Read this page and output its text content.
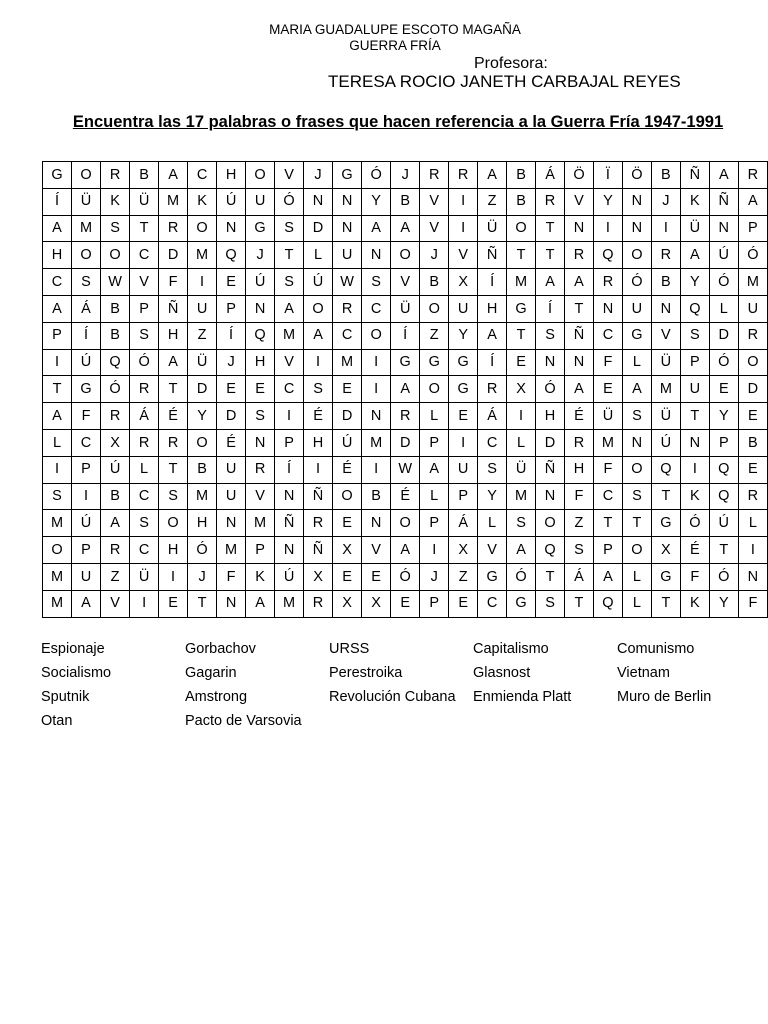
MARIA GUADALUPE ESCOTO MAGAÑA
GUERRA FRÍA
Profesora:
TERESA ROCIO JANETH CARBAJAL REYES
Encuentra las 17 palabras o frases que hacen referencia a la Guerra Fría 1947-1991
G	O	R	B	A	C	H	O	V	J	G	Ó	J	R	R	A	B	Á	Ö	Ï	Ö	B	Ñ	A	R
Í	Ü	K	Ü	M	K	Ú	U	Ó	N	N	Y	B	V	I	Z	B	R	V	Y	N	J	K	Ñ	A
A	M	S	T	R	O	N	G	S	D	N	A	A	V	I	Ü	O	T	N	I	N	I	Ü	N	P
H	O	O	C	D	M	Q	J	T	L	U	N	O	J	V	Ñ	T	T	R	Q	O	R	A	Ú	Ó
C	S	W	V	F	I	E	Ú	S	Ú	W	S	V	B	X	Í	M	A	A	R	Ó	B	Y	Ó	M
A	Á	B	P	Ñ	U	P	N	A	O	R	C	Ü	O	U	H	G	Í	T	N	U	N	Q	L	U
P	Í	B	S	H	Z	Í	Q	M	A	C	O	Í	Z	Y	A	T	S	Ñ	C	G	V	S	D	R
I	Ú	Q	Ó	A	Ü	J	H	V	I	M	I	G	G	G	Í	E	N	N	F	L	Ü	P	Ó	O
T	G	Ó	R	T	D	E	E	C	S	E	I	A	O	G	R	X	Ó	A	E	A	M	U	E	D
A	F	R	Á	É	Y	D	S	I	É	D	N	R	L	E	Á	I	H	É	Ü	S	Ü	T	Y	E
L	C	X	R	R	O	É	N	P	H	Ú	M	D	P	I	C	L	D	R	M	N	Ú	N	P	B
I	P	Ú	L	T	B	U	R	Í	I	É	I	W	A	U	S	Ü	Ñ	H	F	O	Q	I	Q	E
S	I	B	C	S	M	U	V	N	Ñ	O	B	É	L	P	Y	M	N	F	C	S	T	K	Q	R
M	Ú	A	S	O	H	N	M	Ñ	R	E	N	O	P	Á	L	S	O	Z	T	T	G	Ó	Ú	L
O	P	R	C	H	Ó	M	P	N	Ñ	X	V	A	I	X	V	A	Q	S	P	O	X	É	T	I
M	U	Z	Ü	I	J	F	K	Ú	X	E	E	Ó	J	Z	G	Ó	T	Á	A	L	G	F	Ó	N
M	A	V	I	E	T	N	A	M	R	X	X	E	P	E	C	G	S	T	Q	L	T	K	Y	F
Espionaje	Gorbachov	URSS	Capitalismo	Comunismo
Socialismo	Gagarin	Perestroika	Glasnost	Vietnam
Sputnik	Amstrong	Revolución Cubana	Enmienda Platt	Muro de Berlin
Otan	Pacto de Varsovia
